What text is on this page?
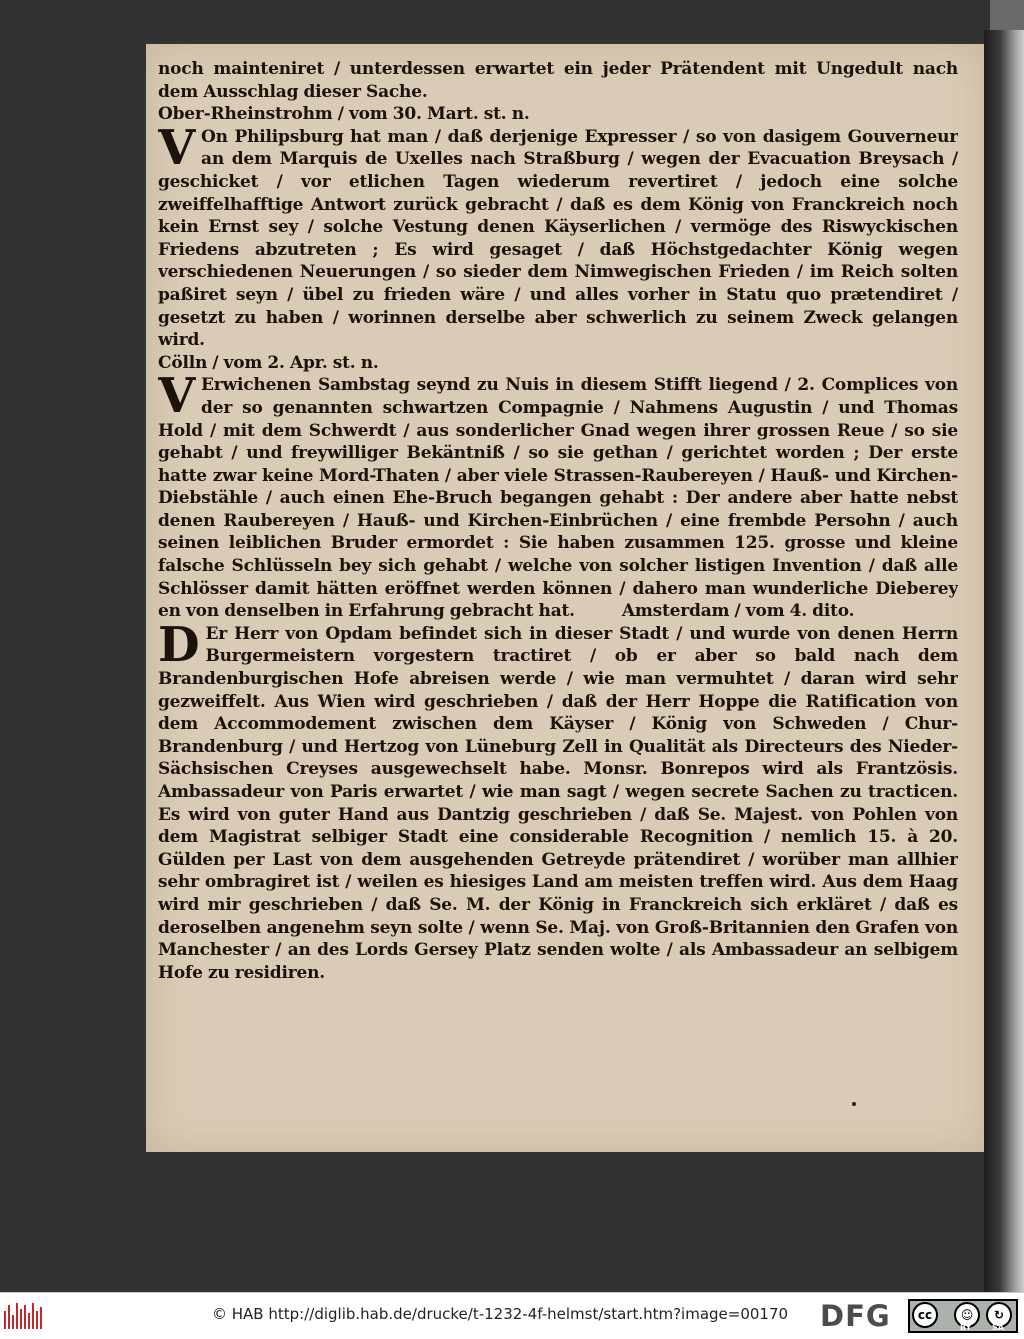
noch mainteniret / unterdessen erwartet ein jeder Prätendent mit Ungedult nach

dem Ausschlag dieser Sache.

Ober-Rheinstrohm / vom 30. Mart. st. n.

V On Philipsburg hat man / daß derjenige Expresser / so von dasigem Gouverneur an dem Marquis de Uxelles nach Straßburg / wegen der Evacuation Breysach / geschicket / vor etlichen Tagen wiederum revertiret / jedoch eine solche zweiffelhafftige Antwort zurück gebracht / daß es dem König von Franckreich noch kein Ernst sey / solche Vestung denen Käyserlichen / vermöge des Riswyckischen Friedens abzutreten ; Es wird gesaget / daß Höchstgedachter König wegen verschiedenen Neuerungen / so sieder dem Nimwegischen Frieden / im Reich solten paßiret seyn / übel zu frieden wäre / und alles vorher in Statu quo prætendiret / gesetzt zu haben / worinnen derselbe aber schwerlich zu seinem Zweck gelangen wird.

Cölln / vom 2. Apr. st. n.

V Erwichenen Sambstag seynd zu Nuis in diesem Stifft liegend / 2. Complices von der so genannten schwartzen Compagnie / Nahmens Augustin / und Thomas Hold / mit dem Schwerdt / aus sonderlicher Gnad wegen ihrer grossen Reue / so sie gehabt / und freywilliger Bekäntniß / so sie gethan / gerichtet worden ; Der erste hatte zwar keine Mord-Thaten / aber viele Strassen-Raubereyen / Hauß- und Kirchen-Diebstähle / auch einen Ehe-Bruch begangen gehabt : Der andere aber hatte nebst denen Raubereyen / Hauß- und Kirchen-Einbrüchen / eine frembde Persohn / auch seinen leiblichen Bruder ermordet : Sie haben zusammen 125. grosse und kleine falsche Schlüsseln bey sich gehabt / welche von solcher listigen Invention / daß alle Schlösser damit hätten eröffnet werden können / dahero man wunderliche Dieberey en von denselben in Erfahrung gebracht hat.	Amsterdam / vom 4. dito.

D Er Herr von Opdam befindet sich in dieser Stadt / und wurde von denen Herrn Burgermeistern vorgestern tractiret / ob er aber so bald nach dem Brandenburgischen Hofe abreisen werde / wie man vermuhtet / daran wird sehr gezweiffelt. Aus Wien wird geschrieben / daß der Herr Hoppe die Ratification von dem Accommodement zwischen dem Käyser / König von Schweden / Chur-Brandenburg / und Hertzog von Lüneburg Zell in Qualität als Directeurs des Nieder-Sächsischen Creyses ausgewechselt habe. Monsr. Bonrepos wird als Frantzösis. Ambassadeur von Paris erwartet / wie man sagt / wegen secrete Sachen zu tracticen. Es wird von guter Hand aus Dantzig geschrieben / daß Se. Majest. von Pohlen von dem Magistrat selbiger Stadt eine considerable Recognition / nemlich 15. à 20. Gülden per Last von dem ausgehenden Getreyde prätendiret / worüber man allhier sehr ombragiret ist / weilen es hiesiges Land am meisten treffen wird. Aus dem Haag wird mir geschrieben / daß Se. M. der König in Franckreich sich erkläret / daß es deroselben angenehm seyn solte / wenn Se. Maj. von Groß-Britannien den Grafen von Manchester / an des Lords Gersey Platz senden wolte / als Ambassadeur an selbigem Hofe zu residiren.

© HAB http://diglib.hab.de/drucke/t-1232-4f-helmst/start.htm?image=00170 DFG	cc	☺	↻
BY	SA
